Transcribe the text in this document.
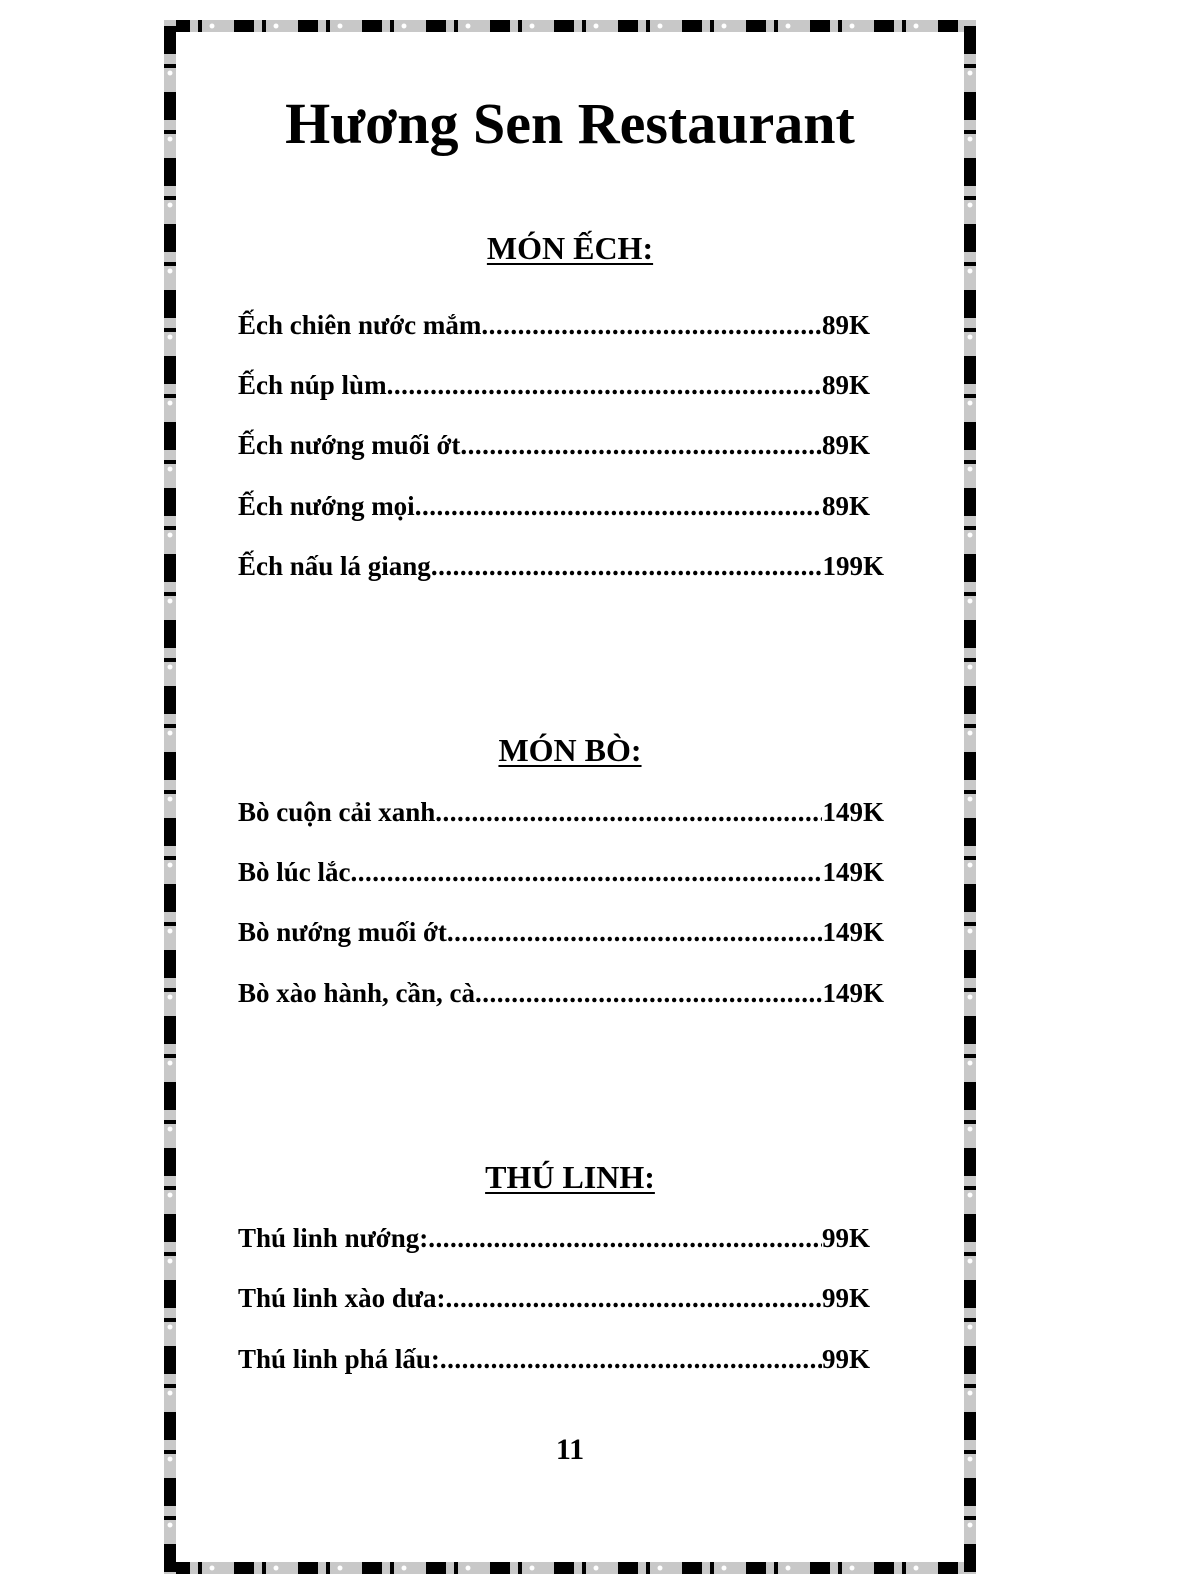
Hương Sen Restaurant
MÓN ẾCH:
Ếch chiên nước mắm .....	89K
Ếch núp lùm .....	89K
Ếch nướng muối ớt .....	89K
Ếch nướng mọi .....	89K
Ếch nấu lá giang .....	199K
MÓN BÒ:
Bò cuộn cải xanh .....	149K
Bò lúc lắc .....	149K
Bò nướng muối ớt .....	149K
Bò xào hành, cần, cà .....	149K
THÚ LINH:
Thú linh nướng: .....	99K
Thú linh xào dưa: .....	99K
Thú linh phá lấu: .....	99K
11
